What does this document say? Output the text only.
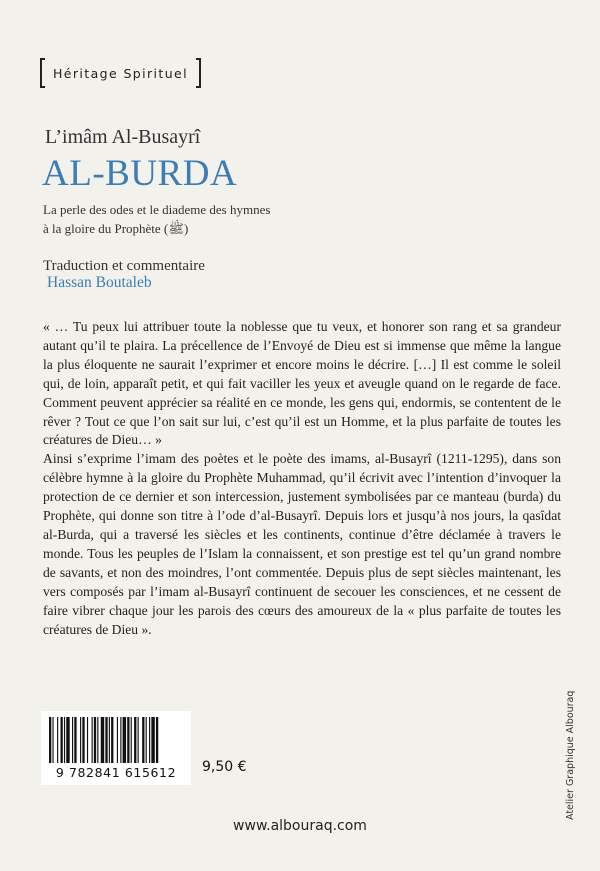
Héritage Spirituel
L’imâm Al-Busayrî
AL-BURDA
La perle des odes et le diademe des hymnes
à la gloire du Prophète (ﷺ)
Traduction et commentaire
Hassan Boutaleb

« … Tu peux lui attribuer toute la noblesse que tu veux, et honorer son rang et sa grandeur autant qu’il te plaira. La précellence de l’Envoyé de Dieu est si immense que même la langue la plus éloquente ne saurait l’exprimer et encore moins le décrire. […] Il est comme le soleil qui, de loin, apparaît petit, et qui fait vaciller les yeux et aveugle quand on le regarde de face. Comment peuvent apprécier sa réalité en ce monde, les gens qui, endormis, se contentent de le rêver ? Tout ce que l’on sait sur lui, c’est qu’il est un Homme, et la plus parfaite de toutes les créatures de Dieu… »

Ainsi s’exprime l’imam des poètes et le poète des imams, al-Busayrî (1211-1295), dans son célèbre hymne à la gloire du Prophète Muhammad, qu’il écrivit avec l’intention d’invoquer la protection de ce dernier et son intercession, justement symbolisées par ce manteau (burda) du Prophète, qui donne son titre à l’ode d’al-Busayrî. Depuis lors et jusqu’à nos jours, la qasîdat al-Burda, qui a traversé les siècles et les continents, continue d’être déclamée à travers le monde. Tous les peuples de l’Islam la connaissent, et son prestige est tel qu’un grand nombre de savants, et non des moindres, l’ont commentée. Depuis plus de sept siècles maintenant, les vers composés par l’imam al-Busayrî continuent de secouer les consciences, et ne cessent de faire vibrer chaque jour les parois des cœurs des amoureux de la « plus parfaite de toutes les créatures de Dieu ».

9 782841 615612	9,50 €
www.albouraq.com
Atelier Graphique Albouraq
